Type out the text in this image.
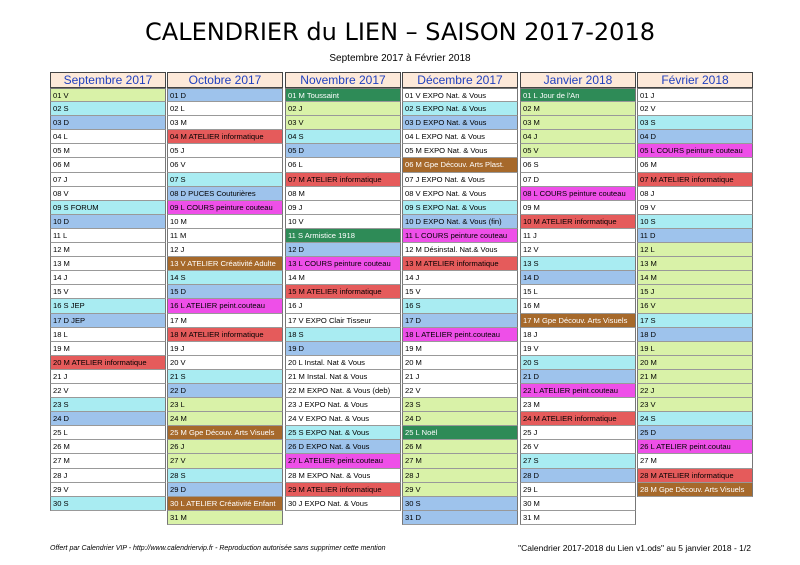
CALENDRIER du LIEN – SAISON 2017-2018
Septembre 2017 à Février 2018
Septembre 2017
01 V
02 S
03 D
04 L
05 M
06 M
07 J
08 V
09 S FORUM
10 D
11 L
12 M
13 M
14 J
15 V
16 S JEP
17 D JEP
18 L
19 M
20 M ATELIER informatique
21 J
22 V
23 S
24 D
25 L
26 M
27 M
28 J
29 V
30 S
Octobre 2017
01 D
02 L
03 M
04 M ATELIER informatique
05 J
06 V
07 S
08 D PUCES Couturières
09 L COURS peinture couteau
10 M
11 M
12 J
13 V ATELIER Créativité Adulte
14 S
15 D
16 L ATELIER peint.couteau
17 M
18 M ATELIER informatique
19 J
20 V
21 S
22 D
23 L
24 M
25 M Gpe Découv. Arts Visuels
26 J
27 V
28 S
29 D
30 L ATELIER Créativité Enfant
31 M
Novembre 2017
01 M Toussaint
02 J
03 V
04 S
05 D
06 L
07 M ATELIER informatique
08 M
09 J
10 V
11 S Armistice 1918
12 D
13 L COURS peinture couteau
14 M
15 M ATELIER informatique
16 J
17 V EXPO Clair Tisseur
18 S
19 D
20 L Instal. Nat & Vous
21 M Instal. Nat & Vous
22 M EXPO Nat. & Vous (deb)
23 J EXPO Nat. & Vous
24 V EXPO Nat. & Vous
25 S EXPO Nat. & Vous
26 D EXPO Nat. & Vous
27 L ATELIER peint.couteau
28 M EXPO Nat. & Vous
29 M ATELIER informatique
30 J EXPO Nat. & Vous
Décembre 2017
01 V EXPO Nat. & Vous
02 S EXPO Nat. & Vous
03 D EXPO Nat. & Vous
04 L EXPO Nat. & Vous
05 M EXPO Nat. & Vous
06 M Gpe Découv. Arts Plast.
07 J EXPO Nat. & Vous
08 V EXPO Nat. & Vous
09 S EXPO Nat. & Vous
10 D EXPO Nat. & Vous (fin)
11 L COURS peinture couteau
12 M Désinstal. Nat.& Vous
13 M ATELIER informatique
14 J
15 V
16 S
17 D
18 L ATELIER peint.couteau
19 M
20 M
21 J
22 V
23 S
24 D
25 L Noël
26 M
27 M
28 J
29 V
30 S
31 D
Janvier 2018
01 L Jour de l'An
02 M
03 M
04 J
05 V
06 S
07 D
08 L COURS peinture couteau
09 M
10 M ATELIER informatique
11 J
12 V
13 S
14 D
15 L
16 M
17 M Gpe Découv. Arts Visuels
18 J
19 V
20 S
21 D
22 L ATELIER peint.couteau
23 M
24 M ATELIER informatique
25 J
26 V
27 S
28 D
29 L
30 M
31 M
Février 2018
01 J
02 V
03 S
04 D
05 L COURS peinture couteau
06 M
07 M ATELIER informatique
08 J
09 V
10 S
11 D
12 L
13 M
14 M
15 J
16 V
17 S
18 D
19 L
20 M
21 M
22 J
23 V
24 S
25 D
26 L ATELIER peint.coutau
27 M
28 M ATELIER informatique
28 M Gpe Découv. Arts Visuels
Offert par Calendrier VIP - http://www.calendriervip.fr - Reproduction autorisée sans supprimer cette mention	"Calendrier 2017-2018 du Lien v1.ods" au 5 janvier 2018 - 1/2
